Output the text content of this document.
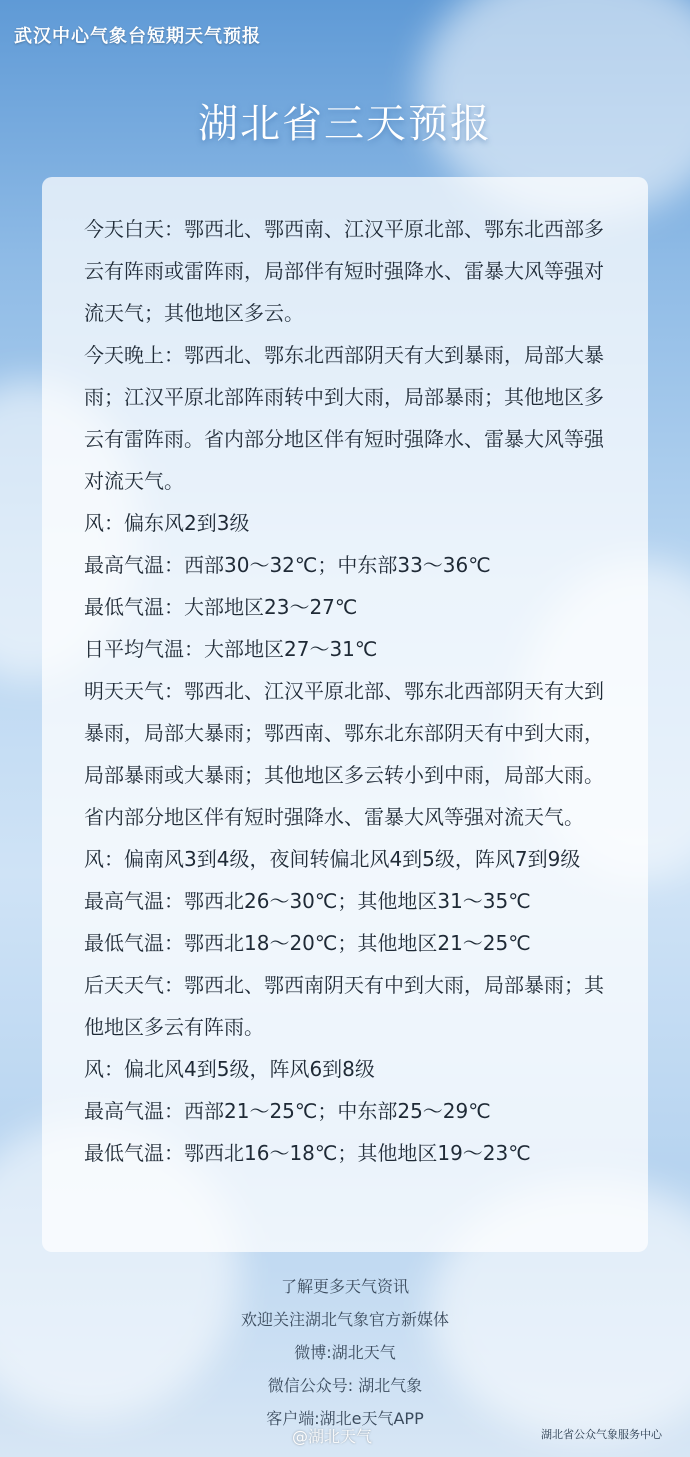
武汉中心气象台短期天气预报
湖北省三天预报

今天白天：鄂西北、鄂西南、江汉平原北部、鄂东北西部多云有阵雨或雷阵雨，局部伴有短时强降水、雷暴大风等强对流天气；其他地区多云。

今天晚上：鄂西北、鄂东北西部阴天有大到暴雨，局部大暴雨；江汉平原北部阵雨转中到大雨，局部暴雨；其他地区多云有雷阵雨。省内部分地区伴有短时强降水、雷暴大风等强对流天气。

风：偏东风2到3级

最高气温：西部30～32℃；中东部33～36℃

最低气温：大部地区23～27℃

日平均气温：大部地区27～31℃

明天天气：鄂西北、江汉平原北部、鄂东北西部阴天有大到暴雨，局部大暴雨；鄂西南、鄂东北东部阴天有中到大雨，局部暴雨或大暴雨；其他地区多云转小到中雨，局部大雨。省内部分地区伴有短时强降水、雷暴大风等强对流天气。

风：偏南风3到4级，夜间转偏北风4到5级，阵风7到9级

最高气温：鄂西北26～30℃；其他地区31～35℃

最低气温：鄂西北18～20℃；其他地区21～25℃

后天天气：鄂西北、鄂西南阴天有中到大雨，局部暴雨；其他地区多云有阵雨。

风：偏北风4到5级，阵风6到8级

最高气温：西部21～25℃；中东部25～29℃

最低气温：鄂西北16～18℃；其他地区19～23℃

了解更多天气资讯
欢迎关注湖北气象官方新媒体
微博:湖北天气
微信公众号: 湖北气象
客户端:湖北e天气APP
@湖北天气	湖北省公众气象服务中心
